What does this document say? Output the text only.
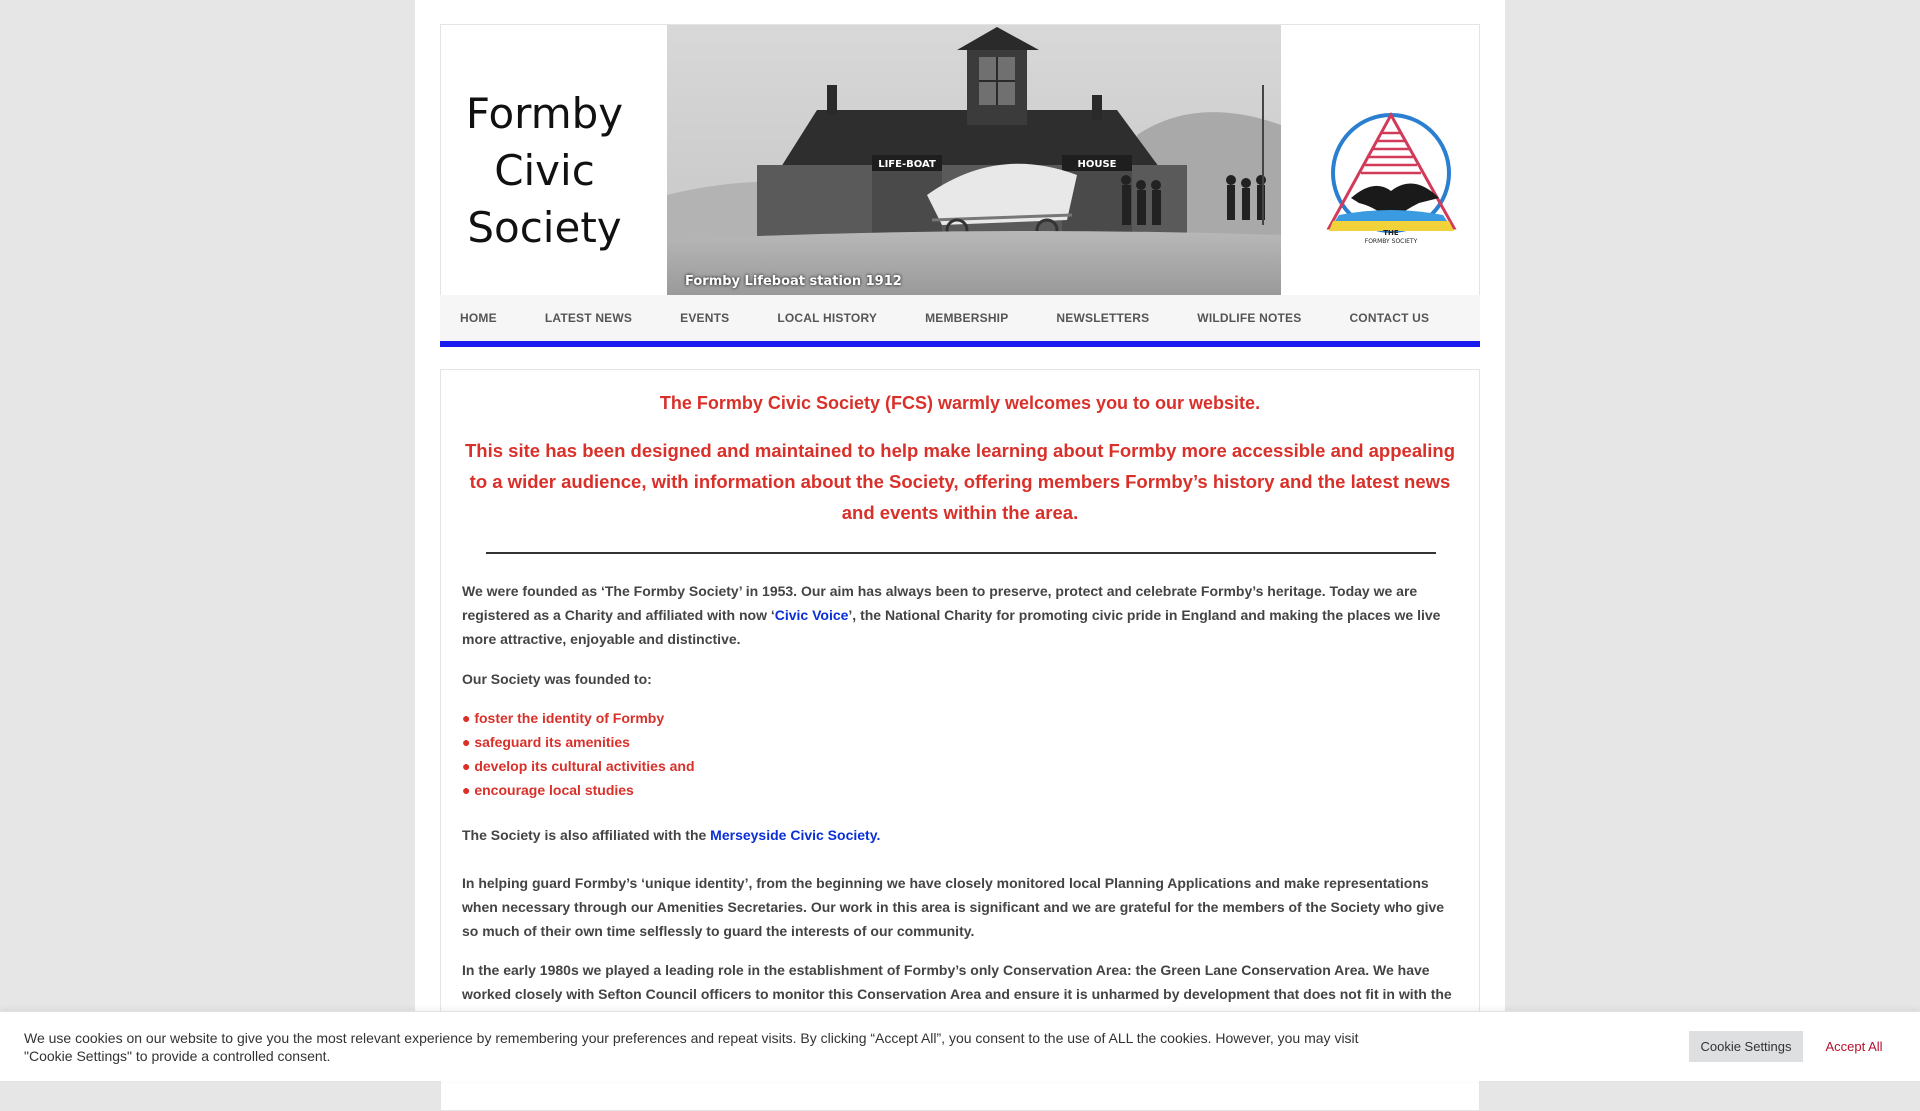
Formby
Civic
Society
LIFE-BOAT	HOUSE
Formby Lifeboat station 1912
THE
FORMBY SOCIETY
HOME	LATEST NEWS	EVENTS	LOCAL HISTORY	MEMBERSHIP	NEWSLETTERS	WILDLIFE NOTES	CONTACT US
The Formby Civic Society (FCS) warmly welcomes you to our website.
This site has been designed and maintained to help make learning about Formby more accessible and appealing to a wider audience, with information about the Society, offering members Formby’s history and the latest news and events within the area.

We were founded as ‘The Formby Society’ in 1953. Our aim has always been to preserve, protect and celebrate Formby’s heritage. Today we are registered as a Charity and affiliated with now ‘Civic Voice’, the National Charity for promoting civic pride in England and making the places we live more attractive, enjoyable and distinctive.

Our Society was founded to:

● foster the identity of Formby
● safeguard its amenities
● develop its cultural activities and
● encourage local studies

The Society is also affiliated with the Merseyside Civic Society.

In helping guard Formby’s ‘unique identity’, from the beginning we have closely monitored local Planning Applications and make representations when necessary through our Amenities Secretaries. Our work in this area is significant and we are grateful for the members of the Society who give so much of their own time selflessly to guard the interests of our community.

In the early 1980s we played a leading role in the establishment of Formby’s only Conservation Area: the Green Lane Conservation Area. We have worked closely with Sefton Council officers to monitor this Conservation Area and ensure it is unharmed by development that does not fit in with the

We use cookies on our website to give you the most relevant experience by remembering your preferences and repeat visits. By clicking “Accept All”, you consent to the use of ALL the cookies. However, you may visit "Cookie Settings" to provide a controlled consent.
Cookie Settings	Accept All
